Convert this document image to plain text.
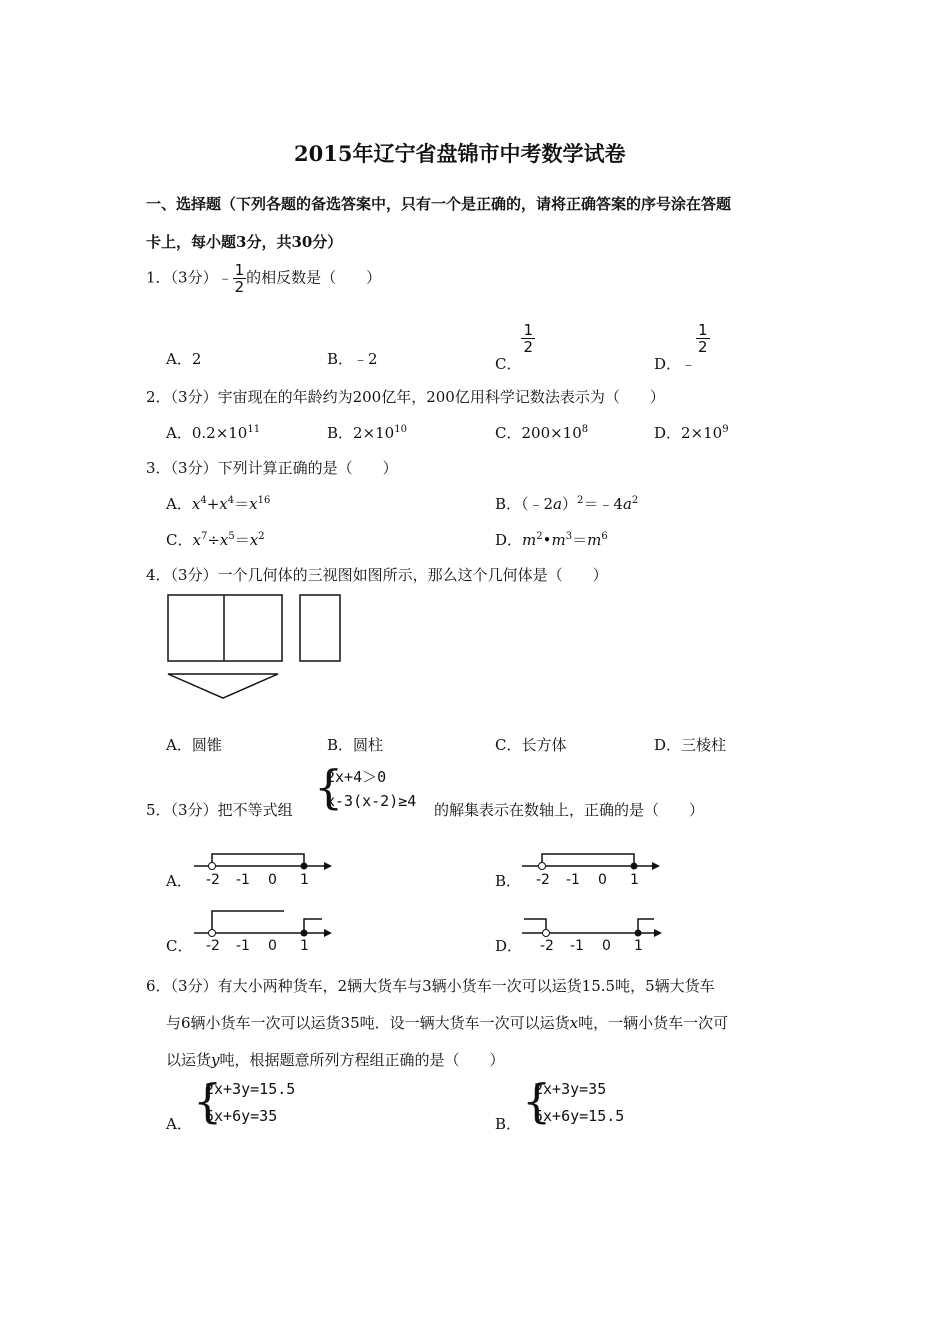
2015年辽宁省盘锦市中考数学试卷
一、选择题（下列各题的备选答案中，只有一个是正确的，请将正确答案的序号涂在答题
卡上，每小题3分，共30分）
1．（3分）﹣ $\frac{1}{2}$ 的相反数是（　　）
A．2	B．﹣2	C．
$\frac{1}{2}$
D．﹣
$\frac{1}{2}$
2．（3分）宇宙现在的年龄约为200亿年，200亿用科学记数法表示为（　　）
A．$0.2\times 10^{11}$	B．$2\times 10^{10}$	C．$200\times 10^8$	D．$2\times 10^9$
3．（3分）下列计算正确的是（　　）
A．$x^4+x^4=x^{16}$	B．$(﹣2a)^2=﹣4a^2$
C．$x^7\div x^5=x^2$	D．$m^2•m^3=m^6$
4．（3分）一个几何体的三视图如图所示，那么这个几何体是（　　）
A．圆锥	B．圆柱	C．长方体	D．三棱柱
5．（3分）把不等式组 {
2x+4＞0
x-3(x-2)≥4 的解集表示在数轴上，正确的是（　　）
A． -2 -1 0 1	B． -2 -1 0 1
C． -2 -1 0 1	D． -2 -1 0 1
6．（3分）有大小两种货车，2辆大货车与3辆小货车一次可以运货15.5吨，5辆大货车
与6辆小货车一次可以运货35吨．设一辆大货车一次可以运货x吨，一辆小货车一次可
以运货y吨，根据题意所列方程组正确的是（　　）
A． {
2x+3y=15.5
5x+6y=35	B． {
2x+3y=35
5x+6y=15.5
